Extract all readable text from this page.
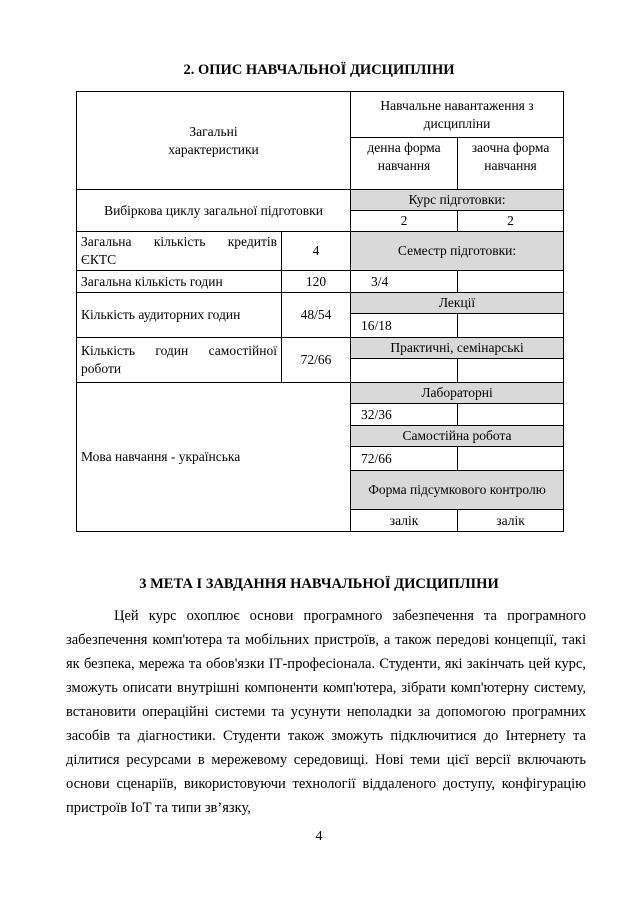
2. ОПИС НАВЧАЛЬНОЇ ДИСЦИПЛІНИ
Загальні
характеристики		Навчальне навантаження з дисципліни	
		денна форма навчання	заочна форма навчання
Вибіркова циклу загальної підготовки		Курс підготовки:	
		2	2
Загальна кількість кредитів ЄКТС	4	Семестр підготовки:	
Загальна кількість годин	120	3/4	
Кількість аудиторних годин	48/54	Лекції	
		16/18	
Кількість годин самостійної роботи	72/66	Практичні, семінарські	

Мова навчання - українська		Лабораторні	
		32/36	
		Самостійна робота	
		72/66	
		Форма підсумкового контролю	
		залік	залік
3 МЕТА І ЗАВДАННЯ НАВЧАЛЬНОЇ ДИСЦИПЛІНИ

Цей курс охоплює основи програмного забезпечення та програмного забезпечення комп'ютера та мобільних пристроїв, а також передові концепції, такі як безпека, мережа та обов'язки ІТ-професіонала. Студенти, які закінчать цей курс, зможуть описати внутрішні компоненти комп'ютера, зібрати комп'ютерну систему, встановити операційні системи та усунути неполадки за допомогою програмних засобів та діагностики. Студенти також зможуть підключитися до Інтернету та ділитися ресурсами в мережевому середовищі. Нові теми цієї версії включають основи сценаріїв, використовуючи технології віддаленого доступу, конфігурацію пристроїв IoT та типи зв’язку,

4
